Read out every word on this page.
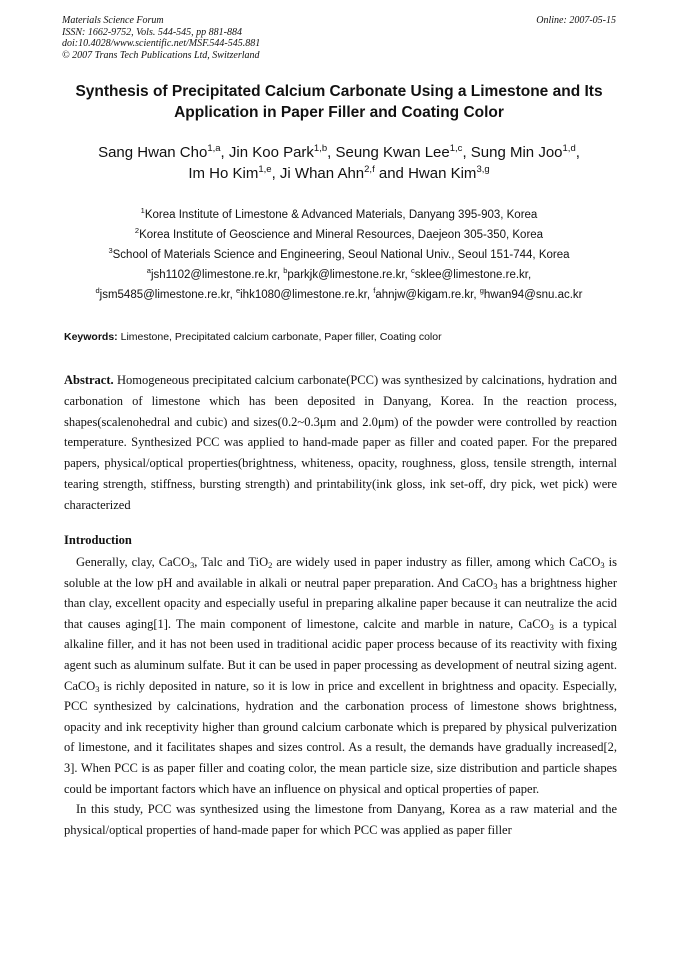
Materials Science Forum
ISSN: 1662-9752, Vols. 544-545, pp 881-884
doi:10.4028/www.scientific.net/MSF.544-545.881
© 2007 Trans Tech Publications Ltd, Switzerland
Online: 2007-05-15
Synthesis of Precipitated Calcium Carbonate Using a Limestone and Its
Application in Paper Filler and Coating Color
Sang Hwan Cho$^{1,a}$, Jin Koo Park$^{1,b}$, Seung Kwan Lee$^{1,c}$, Sung Min Joo$^{1,d}$,
Im Ho Kim$^{1,e}$, Ji Whan Ahn$^{2,f}$ and Hwan Kim$^{3,g}$
$^1$Korea Institute of Limestone & Advanced Materials, Danyang 395-903, Korea
$^2$Korea Institute of Geoscience and Mineral Resources, Daejeon 305-350, Korea
$^3$School of Materials Science and Engineering, Seoul National Univ., Seoul 151-744, Korea
$^a$jsh1102@limestone.re.kr, $^b$parkjk@limestone.re.kr, $^c$sklee@limestone.re.kr,
$^d$jsm5485@limestone.re.kr, $^e$ihk1080@limestone.re.kr, $^f$ahnjw@kigam.re.kr, $^g$hwan94@snu.ac.kr
Keywords: Limestone, Precipitated calcium carbonate, Paper filler, Coating color
Abstract. Homogeneous precipitated calcium carbonate(PCC) was synthesized by calcinations, hydration and carbonation of limestone which has been deposited in Danyang, Korea. In the reaction process, shapes(scalenohedral and cubic) and sizes(0.2~0.3μm and 2.0μm) of the powder were controlled by reaction temperature. Synthesized PCC was applied to hand-made paper as filler and coated paper. For the prepared papers, physical/optical properties(brightness, whiteness, opacity, roughness, gloss, tensile strength, internal tearing strength, stiffness, bursting strength) and printability(ink gloss, ink set-off, dry pick, wet pick) were characterized
Introduction

Generally, clay, CaCO$_3$, Talc and TiO$_2$ are widely used in paper industry as filler, among which CaCO$_3$ is soluble at the low pH and available in alkali or neutral paper preparation. And CaCO$_3$ has a brightness higher than clay, excellent opacity and especially useful in preparing alkaline paper because it can neutralize the acid that causes aging[1]. The main component of limestone, calcite and marble in nature, CaCO$_3$ is a typical alkaline filler, and it has not been used in traditional acidic paper process because of its reactivity with fixing agent such as aluminum sulfate. But it can be used in paper processing as development of neutral sizing agent. CaCO$_3$ is richly deposited in nature, so it is low in price and excellent in brightness and opacity. Especially, PCC synthesized by calcinations, hydration and the carbonation process of limestone shows brightness, opacity and ink receptivity higher than ground calcium carbonate which is prepared by physical pulverization of limestone, and it facilitates shapes and sizes control. As a result, the demands have gradually increased[2, 3]. When PCC is as paper filler and coating color, the mean particle size, size distribution and particle shapes could be important factors which have an influence on physical and optical properties of paper.

In this study, PCC was synthesized using the limestone from Danyang, Korea as a raw material and the physical/optical properties of hand-made paper for which PCC was applied as paper filler
